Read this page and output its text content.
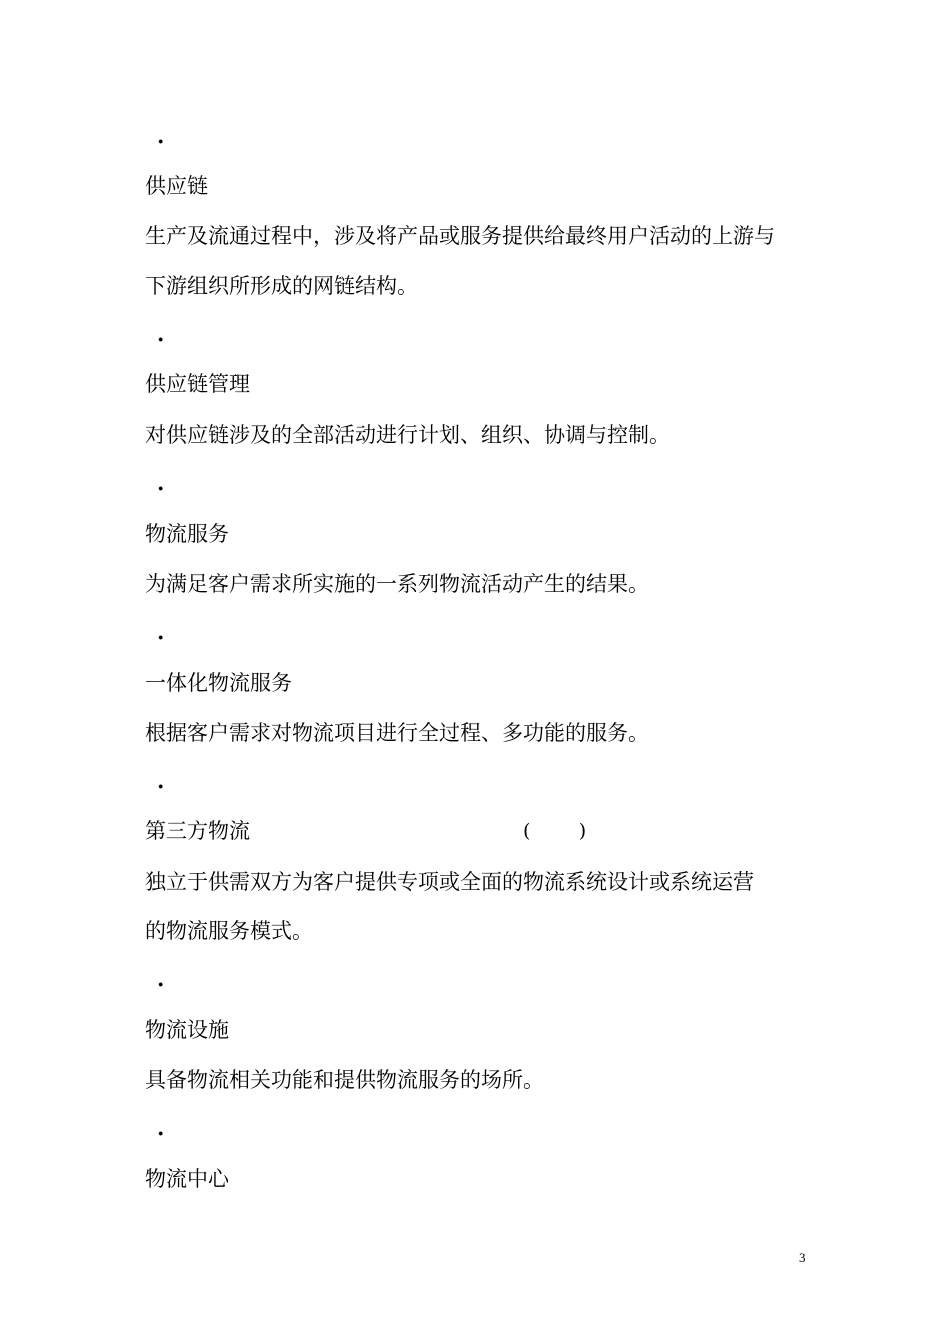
·
供应链
生产及流通过程中，涉及将产品或服务提供给最终用户活动的上游与
下游组织所形成的网链结构。
·
供应链管理
对供应链涉及的全部活动进行计划、组织、协调与控制。
·
物流服务
为满足客户需求所实施的一系列物流活动产生的结果。
·
一体化物流服务
根据客户需求对物流项目进行全过程、多功能的服务。
·
第三方物流	(        )
独立于供需双方为客户提供专项或全面的物流系统设计或系统运营
的物流服务模式。
·
物流设施
具备物流相关功能和提供物流服务的场所。
·
物流中心
3
